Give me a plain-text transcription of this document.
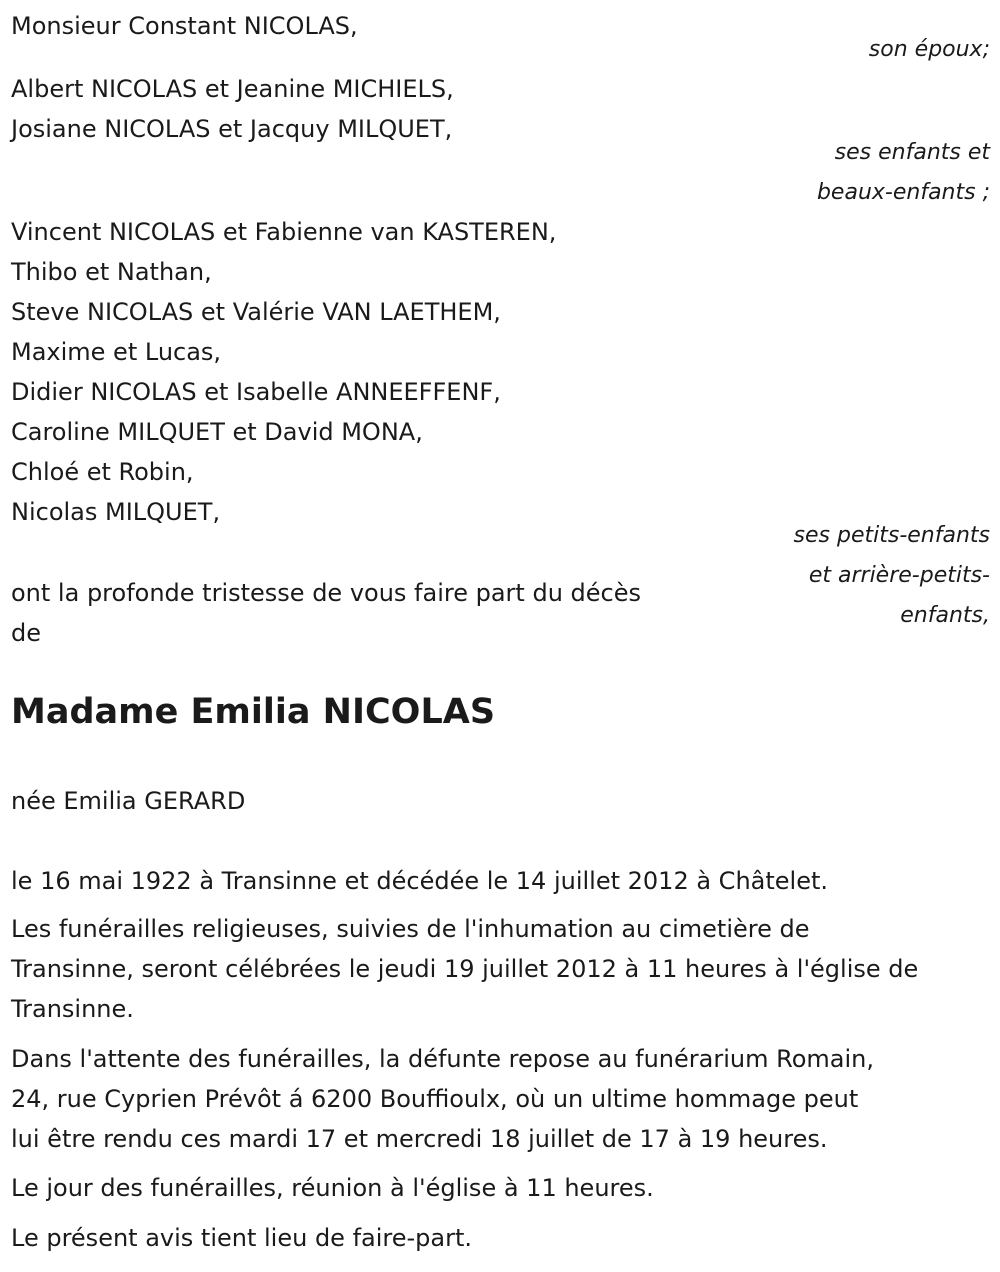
Monsieur Constant NICOLAS,

son époux;

Albert NICOLAS et Jeanine MICHIELS,

Josiane NICOLAS et Jacquy MILQUET,

ses enfants et

beaux-enfants ;

Vincent NICOLAS et Fabienne van KASTEREN,

Thibo et Nathan,

Steve NICOLAS et Valérie VAN LAETHEM,

Maxime et Lucas,

Didier NICOLAS et Isabelle ANNEEFFENF,

Caroline MILQUET et David MONA,

Chloé et Robin,

Nicolas MILQUET,

ses petits-enfants

et arrière-petits-

enfants,

ont la profonde tristesse de vous faire part du décès

de

Madame Emilia NICOLAS

née Emilia GERARD

le 16 mai 1922 à Transinne et décédée le 14 juillet 2012 à Châtelet.

Les funérailles religieuses, suivies de l'inhumation au cimetière de

Transinne, seront célébrées le jeudi 19 juillet 2012 à 11 heures à l'église de

Transinne.

Dans l'attente des funérailles, la défunte repose au funérarium Romain,

24, rue Cyprien Prévôt á 6200 Bouffioulx, où un ultime hommage peut

lui être rendu ces mardi 17 et mercredi 18 juillet de 17 à 19 heures.

Le jour des funérailles, réunion à l'église à 11 heures.

Le présent avis tient lieu de faire-part.
